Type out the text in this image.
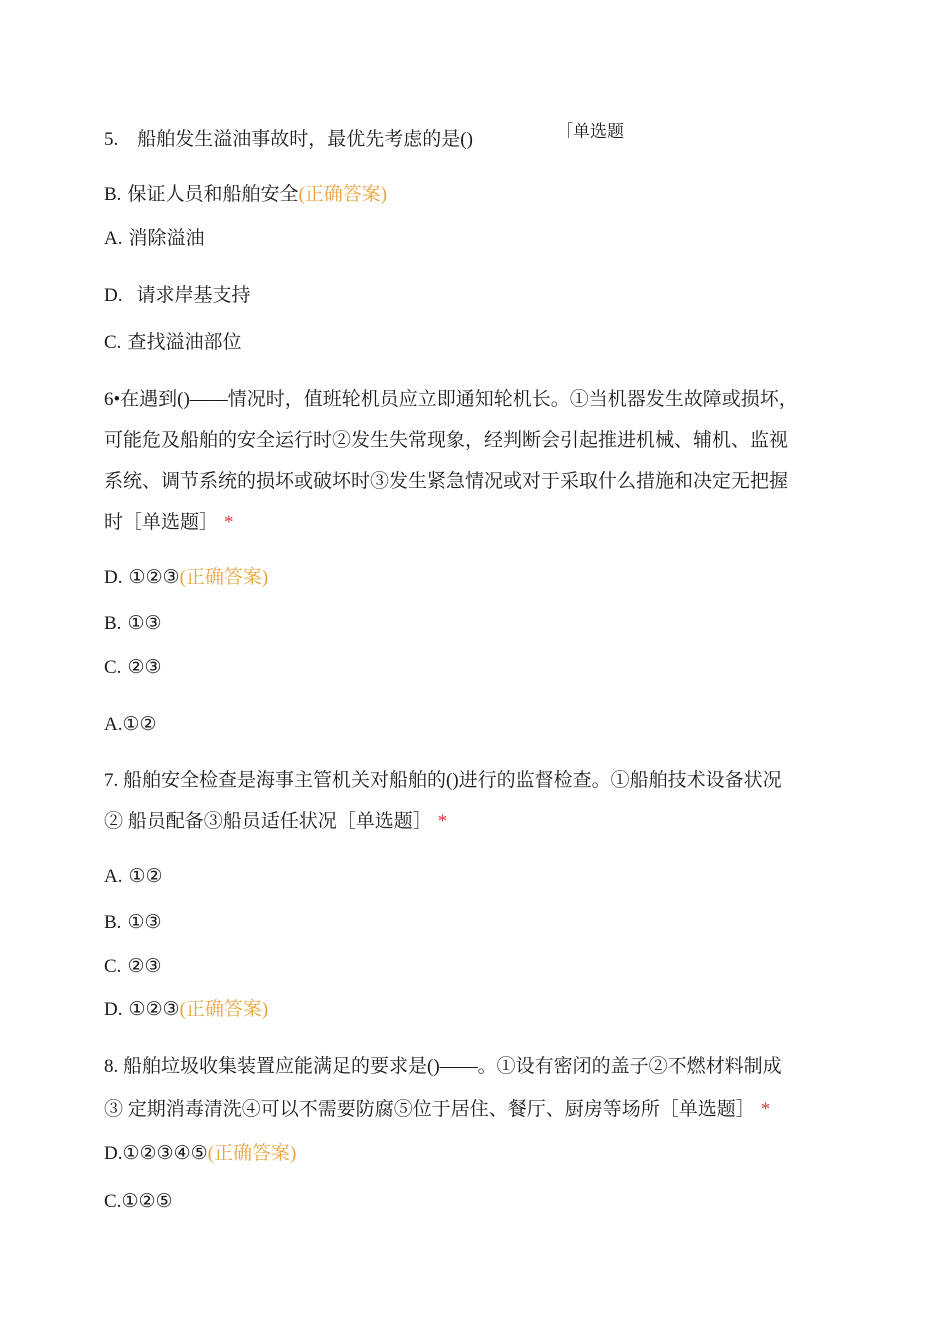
5.　船舶发生溢油事故时，最优先考虑的是()	［单选题
B. 保证人员和船舶安全(正确答案)
A. 消除溢油
D. 请求岸基支持
C. 查找溢油部位
6•在遇到()——情况时，值班轮机员应立即通知轮机长。①当机器发生故障或损坏，
可能危及船舶的安全运行时②发生失常现象，经判断会引起推进机械、辅机、监视
系统、调节系统的损坏或破坏时③发生紧急情况或对于采取什么措施和决定无把握
时［单选题］ *
D. ①②③(正确答案)
B. ①③
C. ②③
A.①②
7. 船舶安全检查是海事主管机关对船舶的()进行的监督检查。①船舶技术设备状况
② 船员配备③船员适任状况［单选题］ *
A. ①②
B. ①③
C. ②③
D. ①②③(正确答案)
8. 船舶垃圾收集装置应能满足的要求是()——。①设有密闭的盖子②不燃材料制成
③ 定期消毒清洗④可以不需要防腐⑤位于居住、餐厅、厨房等场所［单选题］ *
D.①②③④⑤(正确答案)
C.①②⑤
